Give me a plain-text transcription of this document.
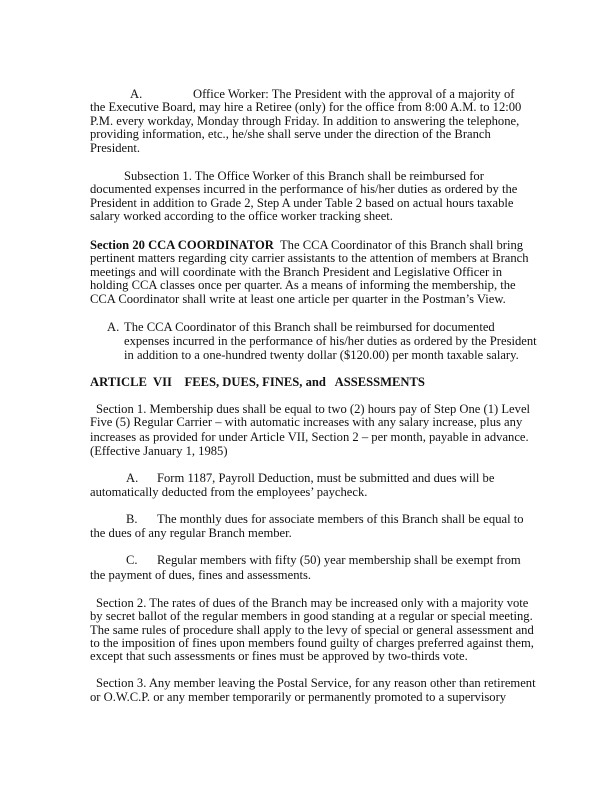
A.	Office Worker: The President with the approval of a majority of
the Executive Board, may hire a Retiree (only) for the office from 8:00 A.M. to 12:00
P.M. every workday, Monday through Friday. In addition to answering the telephone,
providing information, etc., he/she shall serve under the direction of the Branch
President.
Subsection 1. The Office Worker of this Branch shall be reimbursed for
documented expenses incurred in the performance of his/her duties as ordered by the
President in addition to Grade 2, Step A under Table 2 based on actual hours taxable
salary worked according to the office worker tracking sheet.
Section 20 CCA COORDINATOR  The CCA Coordinator of this Branch shall bring
pertinent matters regarding city carrier assistants to the attention of members at Branch
meetings and will coordinate with the Branch President and Legislative Officer in
holding CCA classes once per quarter. As a means of informing the membership, the
CCA Coordinator shall write at least one article per quarter in the Postman’s View.
A. The CCA Coordinator of this Branch shall be reimbursed for documented
expenses incurred in the performance of his/her duties as ordered by the President
in addition to a one-hundred twenty dollar ($120.00) per month taxable salary.
ARTICLE  VII    FEES, DUES, FINES, and   ASSESSMENTS
Section 1. Membership dues shall be equal to two (2) hours pay of Step One (1) Level
Five (5) Regular Carrier – with automatic increases with any salary increase, plus any
increases as provided for under Article VII, Section 2 – per month, payable in advance.
(Effective January 1, 1985)
A. Form 1187, Payroll Deduction, must be submitted and dues will be
automatically deducted from the employees’ paycheck.
B. The monthly dues for associate members of this Branch shall be equal to
the dues of any regular Branch member.
C. Regular members with fifty (50) year membership shall be exempt from
the payment of dues, fines and assessments.
Section 2. The rates of dues of the Branch may be increased only with a majority vote
by secret ballot of the regular members in good standing at a regular or special meeting.
The same rules of procedure shall apply to the levy of special or general assessment and
to the imposition of fines upon members found guilty of charges preferred against them,
except that such assessments or fines must be approved by two-thirds vote.
Section 3. Any member leaving the Postal Service, for any reason other than retirement
or O.W.C.P. or any member temporarily or permanently promoted to a supervisory
